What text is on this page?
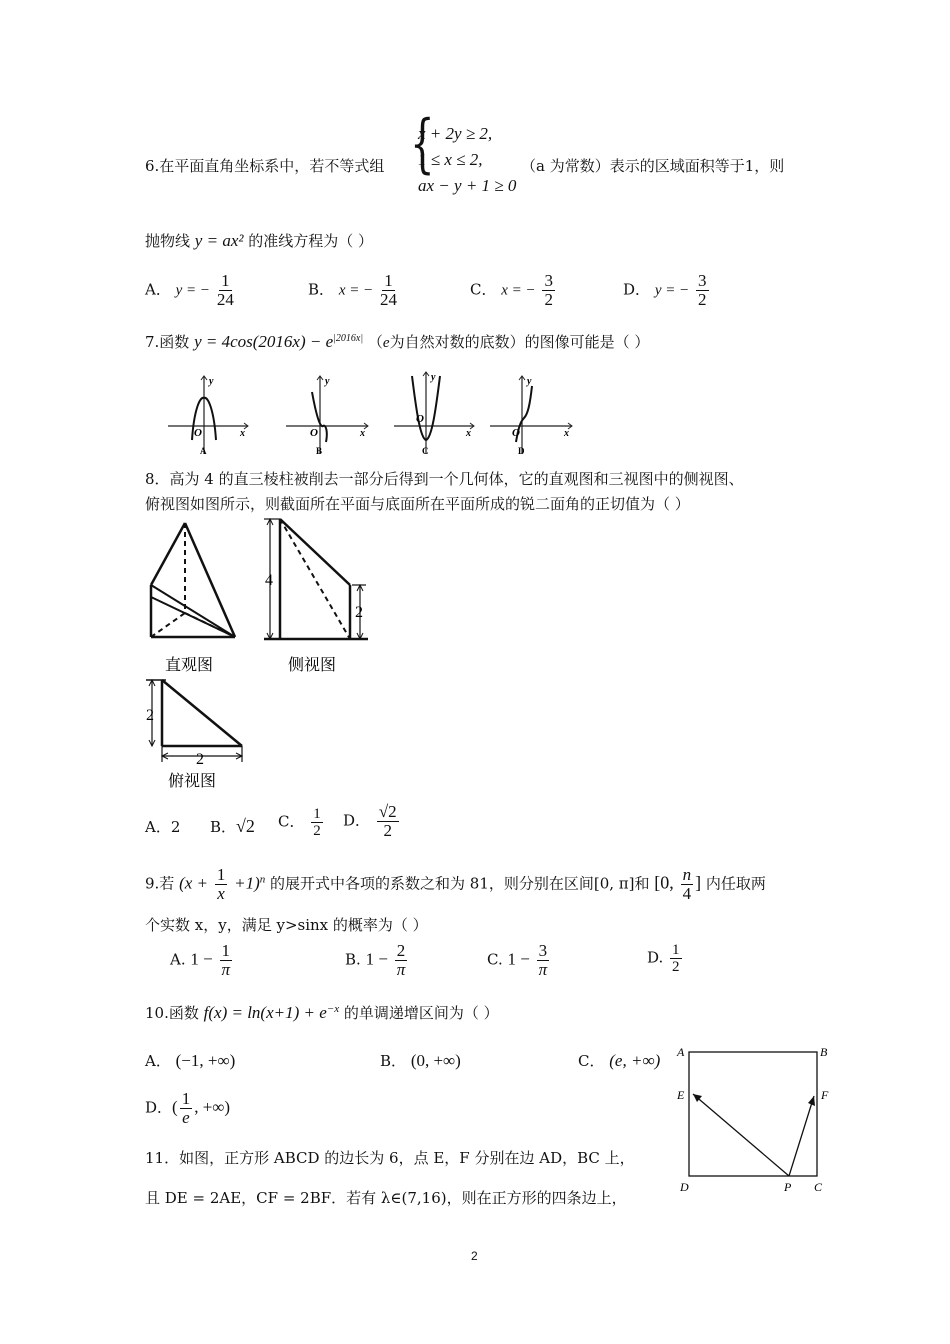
6.在平面直角坐标系中，若不等式组 {
x + 2y ≥ 2,
1 ≤ x ≤ 2,
ax − y + 1 ≥ 0
（a 为常数）表示的区域面积等于1，则
抛物线 y = ax² 的准线方程为（ ）
A． y = − $\frac{1}{24}$	B． x = − $\frac{1}{24}$	C． x = − $\frac{3}{2}$	D． y = − $\frac{3}{2}$
7.函数 $y = 4\cos(2016x) - e^{|2016x|}$ （e为自然对数的底数）的图像可能是（ ）
y
x
O
A
y
x
O
B
y
x
O
C
y
x
O
D
8．高为 4 的直三棱柱被削去一部分后得到一个几何体，它的直观图和三视图中的侧视图、
俯视图如图所示，则截面所在平面与底面所在平面所成的锐二面角的正切值为（ ）
直观图
4
2
侧视图
2
2
俯视图
A．2 B．√2 C． $\frac{1}{2}$ D． $\frac{√2}{2}$
9.若 $(x + \frac{1}{x} +1)^n$ 的展开式中各项的系数之和为 81，则分别在区间[0, π]和 [0, $\frac{n}{4}$ ] 内任取两
个实数 x，y，满足 y>sinx 的概率为（ ）
A. $1 - \frac{1}{\pi}$	B. $1 - \frac{2}{\pi}$	C. $1 - \frac{3}{\pi}$	D. $\frac{1}{2}$
10.函数 $f(x) = \ln(x+1) + e^{-x}$ 的单调递增区间为（ ）
A． (−1, +∞)	B． (0, +∞)	C． (e, +∞)
D．( $\frac{1}{e}$ , +∞)
11．如图，正方形 ABCD 的边长为 6，点 E，F 分别在边 AD，BC 上，
且 DE = 2AE，CF = 2BF．若有 λ∈(7,16)，则在正方形的四条边上，
A	B
E	F
D	P C
2
